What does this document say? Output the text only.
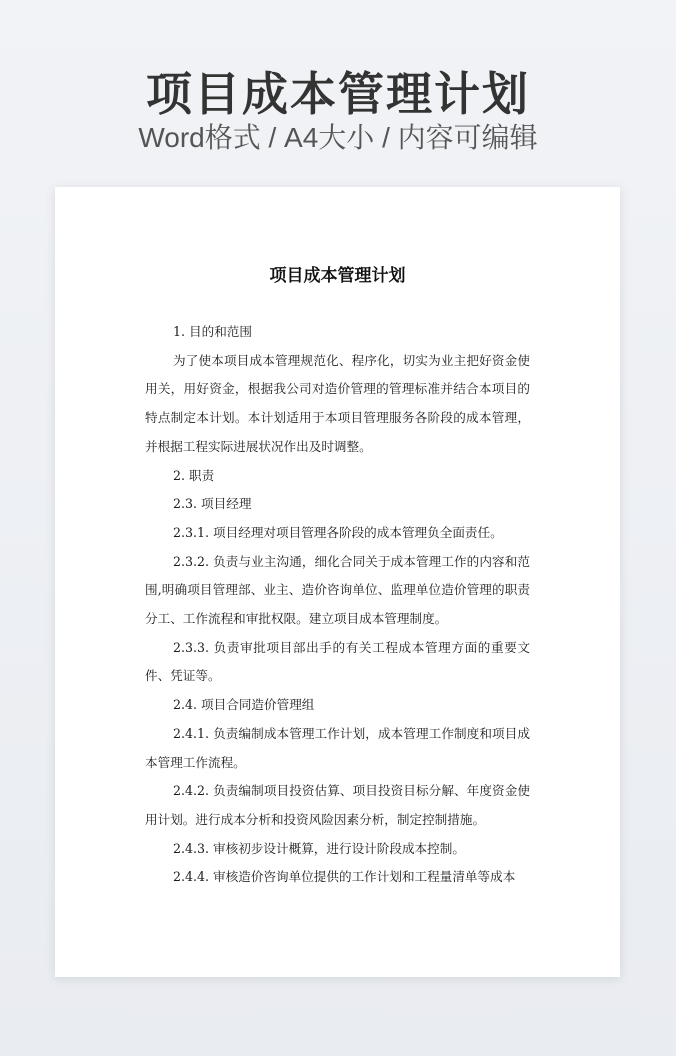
项目成本管理计划
Word格式 / A4大小 / 内容可编辑
项目成本管理计划

1. 目的和范围

为了使本项目成本管理规范化、程序化，切实为业主把好资金使用关，用好资金，根据我公司对造价管理的管理标准并结合本项目的特点制定本计划。本计划适用于本项目管理服务各阶段的成本管理，并根据工程实际进展状况作出及时调整。

2. 职责

2.3. 项目经理

2.3.1. 项目经理对项目管理各阶段的成本管理负全面责任。

2.3.2. 负责与业主沟通，细化合同关于成本管理工作的内容和范围,明确项目管理部、业主、造价咨询单位、监理单位造价管理的职责分工、工作流程和审批权限。建立项目成本管理制度。

2.3.3. 负责审批项目部出手的有关工程成本管理方面的重要文件、凭证等。

2.4. 项目合同造价管理组

2.4.1. 负责编制成本管理工作计划，成本管理工作制度和项目成本管理工作流程。

2.4.2. 负责编制项目投资估算、项目投资目标分解、年度资金使用计划。进行成本分析和投资风险因素分析，制定控制措施。

2.4.3. 审核初步设计概算，进行设计阶段成本控制。

2.4.4. 审核造价咨询单位提供的工作计划和工程量清单等成本
